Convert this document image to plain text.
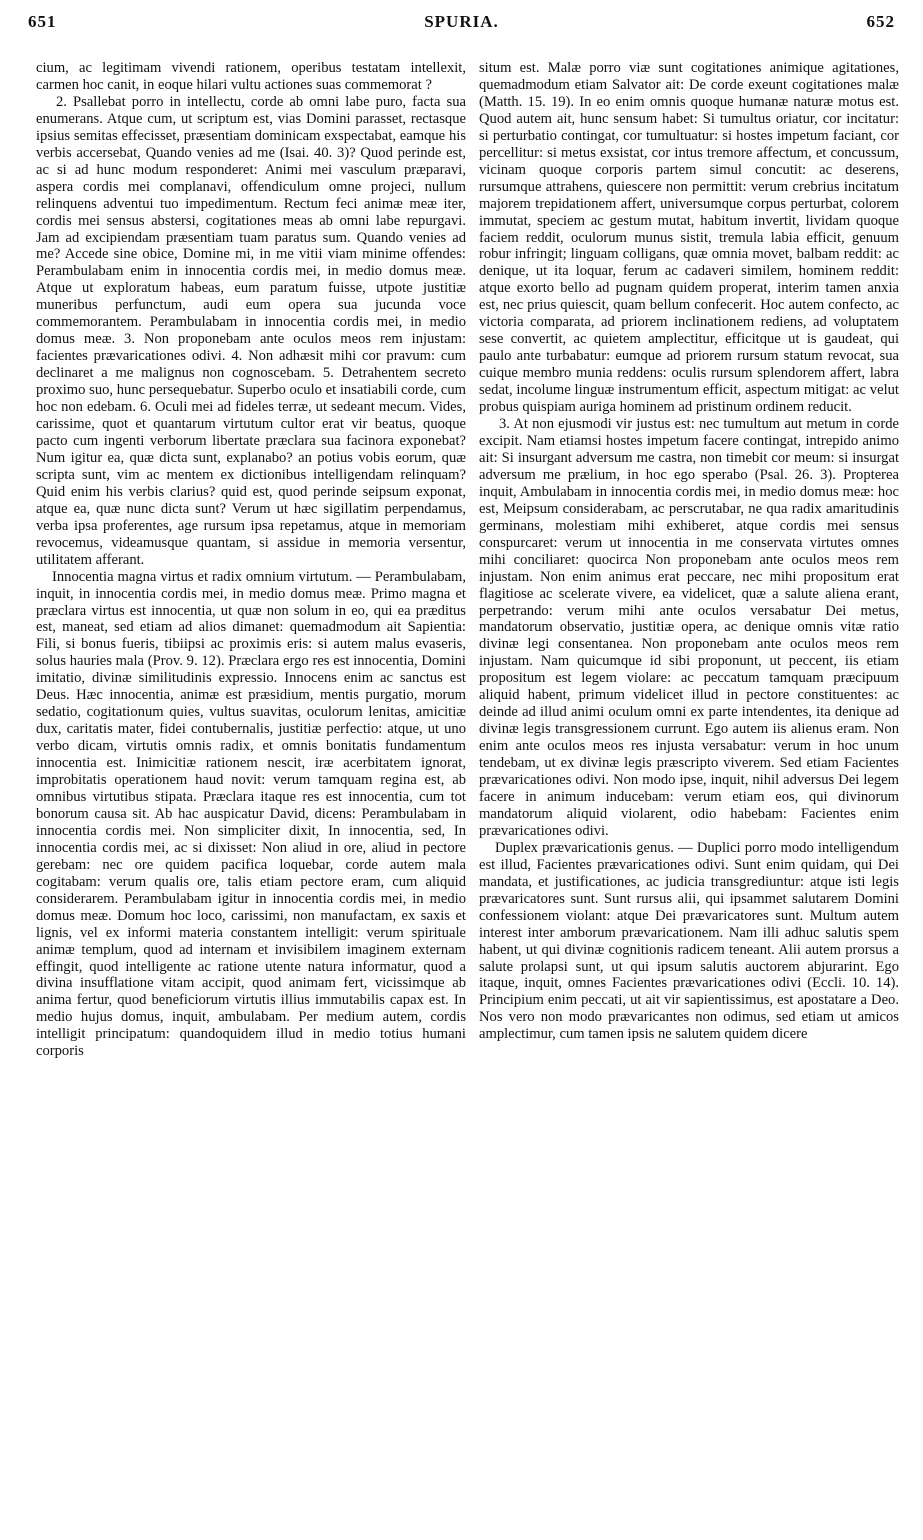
651	SPURIA.	652

cium, ac legitimam vivendi rationem, operibus testatam intellexit, carmen hoc canit, in eoque hilari vultu actiones suas commemorat ?

2. Psallebat porro in intellectu, corde ab omni labe puro, facta sua enumerans. Atque cum, ut scriptum est, vias Domini parasset, rectasque ipsius semitas effecisset, præsentiam dominicam exspectabat, eamque his verbis accersebat, Quando venies ad me (Isai. 40. 3)? Quod perinde est, ac si ad hunc modum responderet: Animi mei vasculum præparavi, aspera cordis mei complanavi, offendiculum omne projeci, nullum relinquens adventui tuo impedimentum. Rectum feci animæ meæ iter, cordis mei sensus abstersi, cogitationes meas ab omni labe repurgavi. Jam ad excipiendam præsentiam tuam paratus sum. Quando venies ad me? Accede sine obice, Domine mi, in me vitii viam minime offendes: Perambulabam enim in innocentia cordis mei, in medio domus meæ. Atque ut exploratum habeas, eum paratum fuisse, utpote justitiæ muneribus perfunctum, audi eum opera sua jucunda voce commemorantem. Perambulabam in innocentia cordis mei, in medio domus meæ. 3. Non proponebam ante oculos meos rem injustam: facientes prævaricationes odivi. 4. Non adhæsit mihi cor pravum: cum declinaret a me malignus non cognoscebam. 5. Detrahentem secreto proximo suo, hunc persequebatur. Superbo oculo et insatiabili corde, cum hoc non edebam. 6. Oculi mei ad fideles terræ, ut sedeant mecum. Vides, carissime, quot et quantarum virtutum cultor erat vir beatus, quoque pacto cum ingenti verborum libertate præclara sua facinora exponebat? Num igitur ea, quæ dicta sunt, explanabo? an potius vobis eorum, quæ scripta sunt, vim ac mentem ex dictionibus intelligendam relinquam? Quid enim his verbis clarius? quid est, quod perinde seipsum exponat, atque ea, quæ nunc dicta sunt? Verum ut hæc sigillatim perpendamus, verba ipsa proferentes, age rursum ipsa repetamus, atque in memoriam revocemus, videamusque quantam, si assidue in memoria versentur, utilitatem afferant.

Innocentia magna virtus et radix omnium virtutum. — Perambulabam, inquit, in innocentia cordis mei, in medio domus meæ. Primo magna et præclara virtus est innocentia, ut quæ non solum in eo, qui ea præditus est, maneat, sed etiam ad alios dimanet: quemadmodum ait Sapientia: Fili, si bonus fueris, tibiipsi ac proximis eris: si autem malus evaseris, solus hauries mala (Prov. 9. 12). Præclara ergo res est innocentia, Domini imitatio, divinæ similitudinis expressio. Innocens enim ac sanctus est Deus. Hæc innocentia, animæ est præsidium, mentis purgatio, morum sedatio, cogitationum quies, vultus suavitas, oculorum lenitas, amicitiæ dux, caritatis mater, fidei contubernalis, justitiæ perfectio: atque, ut uno verbo dicam, virtutis omnis radix, et omnis bonitatis fundamentum innocentia est. Inimicitiæ rationem nescit, iræ acerbitatem ignorat, improbitatis operationem haud novit: verum tamquam regina est, ab omnibus virtutibus stipata. Præclara itaque res est innocentia, cum tot bonorum causa sit. Ab hac auspicatur David, dicens: Perambulabam in innocentia cordis mei. Non simpliciter dixit, In innocentia, sed, In innocentia cordis mei, ac si dixisset: Non aliud in ore, aliud in pectore gerebam: nec ore quidem pacifica loquebar, corde autem mala cogitabam: verum qualis ore, talis etiam pectore eram, cum aliquid considerarem. Perambulabam igitur in innocentia cordis mei, in medio domus meæ. Domum hoc loco, carissimi, non manufactam, ex saxis et lignis, vel ex informi materia constantem intelligit: verum spirituale animæ templum, quod ad internam et invisibilem imaginem externam effingit, quod intelligente ac ratione utente natura informatur, quod a divina insufflatione vitam accipit, quod animam fert, vicissimque ab anima fertur, quod beneficiorum virtutis illius immutabilis capax est. In medio hujus domus, inquit, ambulabam. Per medium autem, cordis intelligit principatum: quandoquidem illud in medio totius humani corporis

situm est. Malæ porro viæ sunt cogitationes animique agitationes, quemadmodum etiam Salvator ait: De corde exeunt cogitationes malæ (Matth. 15. 19). In eo enim omnis quoque humanæ naturæ motus est. Quod autem ait, hunc sensum habet: Si tumultus oriatur, cor incitatur: si perturbatio contingat, cor tumultuatur: si hostes impetum faciant, cor percellitur: si metus exsistat, cor intus tremore affectum, et concussum, vicinam quoque corporis partem simul concutit: ac deserens, rursumque attrahens, quiescere non permittit: verum crebrius incitatum majorem trepidationem affert, universumque corpus perturbat, colorem immutat, speciem ac gestum mutat, habitum invertit, lividam quoque faciem reddit, oculorum munus sistit, tremula labia efficit, genuum robur infringit; linguam colligans, quæ omnia movet, balbam reddit: ac denique, ut ita loquar, ferum ac cadaveri similem, hominem reddit: atque exorto bello ad pugnam quidem properat, interim tamen anxia est, nec prius quiescit, quam bellum confecerit. Hoc autem confecto, ac victoria comparata, ad priorem inclinationem rediens, ad voluptatem sese convertit, ac quietem amplectitur, efficitque ut is gaudeat, qui paulo ante turbabatur: eumque ad priorem rursum statum revocat, sua cuique membro munia reddens: oculis rursum splendorem affert, labra sedat, incolume linguæ instrumentum efficit, aspectum mitigat: ac velut probus quispiam auriga hominem ad pristinum ordinem reducit.

3. At non ejusmodi vir justus est: nec tumultum aut metum in corde excipit. Nam etiamsi hostes impetum facere contingat, intrepido animo ait: Si insurgant adversum me castra, non timebit cor meum: si insurgat adversum me prælium, in hoc ego sperabo (Psal. 26. 3). Propterea inquit, Ambulabam in innocentia cordis mei, in medio domus meæ: hoc est, Meipsum considerabam, ac perscrutabar, ne qua radix amaritudinis germinans, molestiam mihi exhiberet, atque cordis mei sensus conspurcaret: verum ut innocentia in me conservata virtutes omnes mihi conciliaret: quocirca Non proponebam ante oculos meos rem injustam. Non enim animus erat peccare, nec mihi propositum erat flagitiose ac scelerate vivere, ea videlicet, quæ a salute aliena erant, perpetrando: verum mihi ante oculos versabatur Dei metus, mandatorum observatio, justitiæ opera, ac denique omnis vitæ ratio divinæ legi consentanea. Non proponebam ante oculos meos rem injustam. Nam quicumque id sibi proponunt, ut peccent, iis etiam propositum est legem violare: ac peccatum tamquam præcipuum aliquid habent, primum videlicet illud in pectore constituentes: ac deinde ad illud animi oculum omni ex parte intendentes, ita denique ad divinæ legis transgressionem currunt. Ego autem iis alienus eram. Non enim ante oculos meos res injusta versabatur: verum in hoc unum tendebam, ut ex divinæ legis præscripto viverem. Sed etiam Facientes prævaricationes odivi. Non modo ipse, inquit, nihil adversus Dei legem facere in animum inducebam: verum etiam eos, qui divinorum mandatorum aliquid violarent, odio habebam: Facientes enim prævaricationes odivi.

Duplex prævaricationis genus. — Duplici porro modo intelligendum est illud, Facientes prævaricationes odivi. Sunt enim quidam, qui Dei mandata, et justificationes, ac judicia transgrediuntur: atque isti legis prævaricatores sunt. Sunt rursus alii, qui ipsammet salutarem Domini confessionem violant: atque Dei prævaricatores sunt. Multum autem interest inter amborum prævaricationem. Nam illi adhuc salutis spem habent, ut qui divinæ cognitionis radicem teneant. Alii autem prorsus a salute prolapsi sunt, ut qui ipsum salutis auctorem abjurarint. Ego itaque, inquit, omnes Facientes prævaricationes odivi (Eccli. 10. 14). Principium enim peccati, ut ait vir sapientissimus, est apostatare a Deo. Nos vero non modo prævaricantes non odimus, sed etiam ut amicos amplectimur, cum tamen ipsis ne salutem quidem dicere
